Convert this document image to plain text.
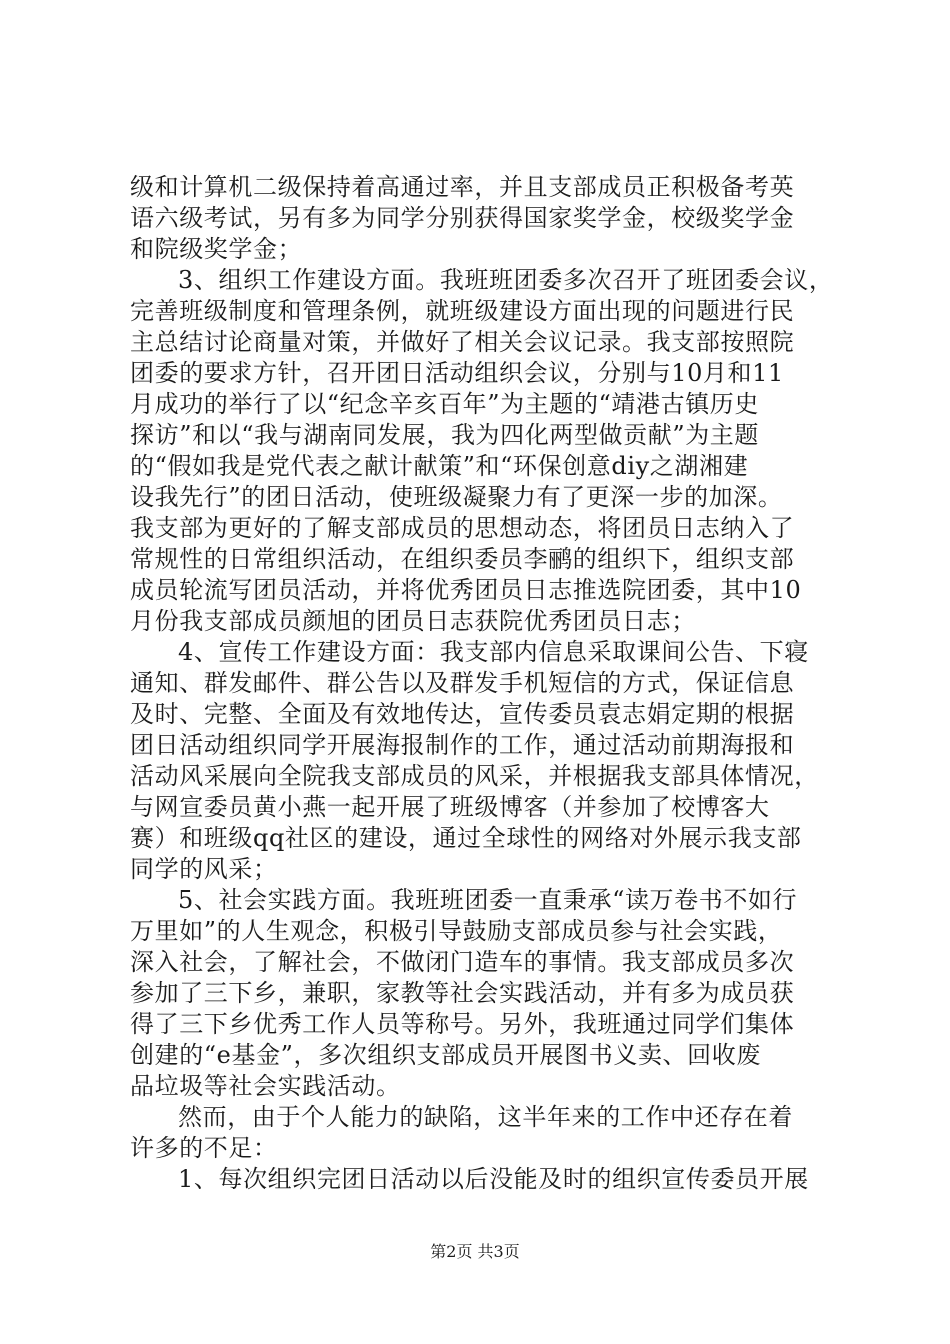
级和计算机二级保持着高通过率，并且支部成员正积极备考英
语六级考试，另有多为同学分别获得国家奖学金，校级奖学金
和院级奖学金；
3、组织工作建设方面。我班班团委多次召开了班团委会议，
完善班级制度和管理条例，就班级建设方面出现的问题进行民
主总结讨论商量对策，并做好了相关会议记录。我支部按照院
团委的要求方针，召开团日活动组织会议，分别与10月和11
月成功的举行了以“纪念辛亥百年”为主题的“靖港古镇历史
探访”和以“我与湖南同发展，我为四化两型做贡献”为主题
的“假如我是党代表之献计献策”和“环保创意diy之湖湘建
设我先行”的团日活动，使班级凝聚力有了更深一步的加深。
我支部为更好的了解支部成员的思想动态，将团员日志纳入了
常规性的日常组织活动，在组织委员李鹂的组织下，组织支部
成员轮流写团员活动，并将优秀团员日志推选院团委，其中10
月份我支部成员颜旭的团员日志获院优秀团员日志；
4、宣传工作建设方面：我支部内信息采取课间公告、下寝
通知、群发邮件、群公告以及群发手机短信的方式，保证信息
及时、完整、全面及有效地传达，宣传委员袁志娟定期的根据
团日活动组织同学开展海报制作的工作，通过活动前期海报和
活动风采展向全院我支部成员的风采，并根据我支部具体情况，
与网宣委员黄小燕一起开展了班级博客（并参加了校博客大
赛）和班级qq社区的建设，通过全球性的网络对外展示我支部
同学的风采；
5、社会实践方面。我班班团委一直秉承“读万卷书不如行
万里如”的人生观念，积极引导鼓励支部成员参与社会实践，
深入社会，了解社会，不做闭门造车的事情。我支部成员多次
参加了三下乡，兼职，家教等社会实践活动，并有多为成员获
得了三下乡优秀工作人员等称号。另外，我班通过同学们集体
创建的“e基金”，多次组织支部成员开展图书义卖、回收废
品垃圾等社会实践活动。
然而，由于个人能力的缺陷，这半年来的工作中还存在着
许多的不足：
1、每次组织完团日活动以后没能及时的组织宣传委员开展
第2页 共3页
